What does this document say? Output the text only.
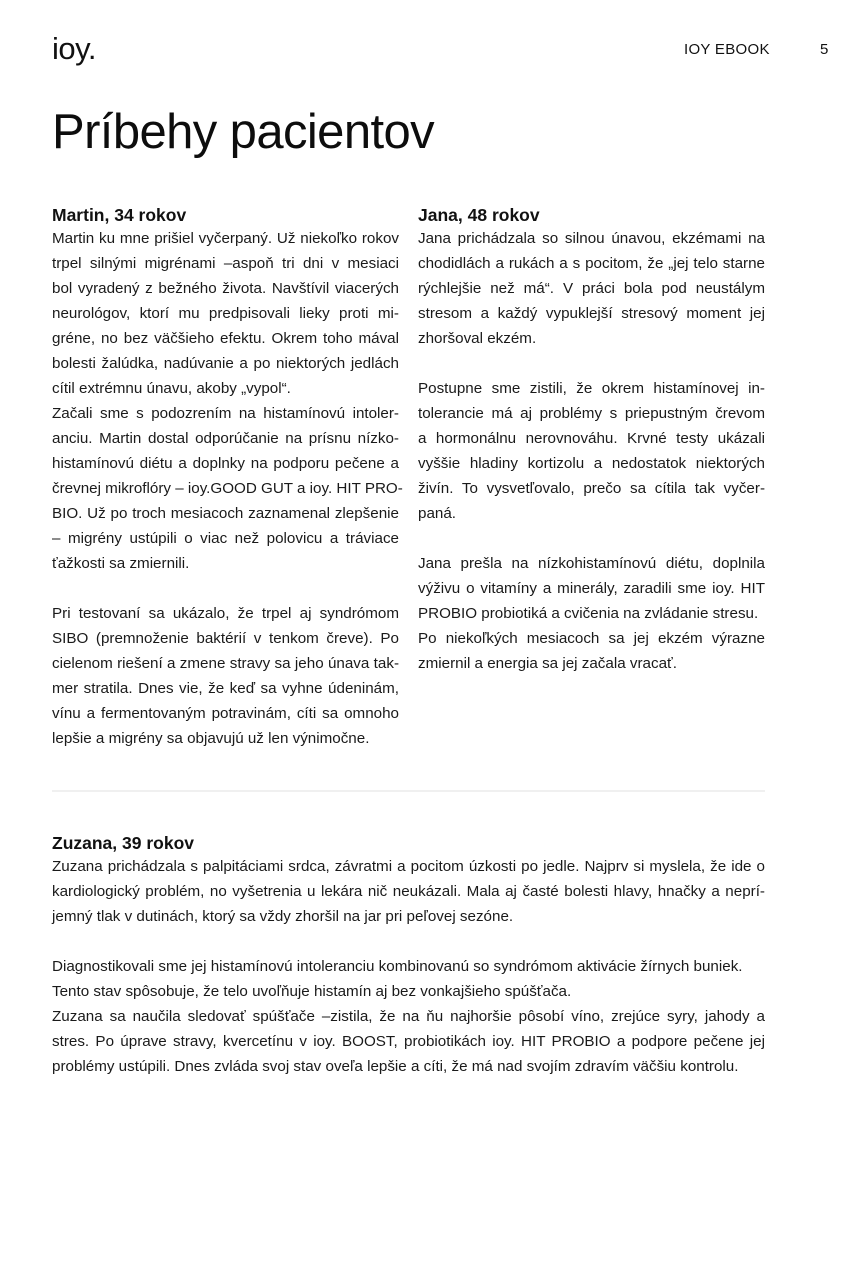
ioy.	IOY EBOOK	5
Príbehy pacientov
Martin, 34 rokov
Martin ku mne prišiel vyčerpaný. Už niekoľko rokov
trpel silnými migrénami –aspoň tri dni v mesiaci
bol vyradený z bežného života. Navštívil viacerých
neurológov, ktorí mu predpisovali lieky proti mi-
gréne, no bez väčšieho efektu. Okrem toho mával
bolesti žalúdka, nadúvanie a po niektorých jedlách
cítil extrémnu únavu, akoby „vypol“.
Začali sme s podozrením na histamínovú intoler-
anciu. Martin dostal odporúčanie na prísnu nízko-
histamínovú diétu a doplnky na podporu pečene a
črevnej mikroflóry – ioy.GOOD GUT a ioy. HIT PRO-
BIO. Už po troch mesiacoch zaznamenal zlepšenie
– migrény ustúpili o viac než polovicu a tráviace
ťažkosti sa zmiernili.
Pri testovaní sa ukázalo, že trpel aj syndrómom
SIBO (premnoženie baktérií v tenkom čreve). Po
cielenom riešení a zmene stravy sa jeho únava tak-
mer stratila. Dnes vie, že keď sa vyhne údeninám,
vínu a fermentovaným potravinám, cíti sa omnoho
lepšie a migrény sa objavujú už len výnimočne.
Jana, 48 rokov
Jana prichádzala so silnou únavou, ekzémami na
chodidlách a rukách a s pocitom, že „jej telo starne
rýchlejšie než má“. V práci bola pod neustálym
stresom a každý vypuklejší stresový moment jej
zhoršoval ekzém.
Postupne sme zistili, že okrem histamínovej in-
tolerancie má aj problémy s priepustným črevom
a hormonálnu nerovnováhu. Krvné testy ukázali
vyššie hladiny kortizolu a nedostatok niektorých
živín. To vysvetľovalo, prečo sa cítila tak vyčer-
paná.
Jana prešla na nízkohistamínovú diétu, doplnila
výživu o vitamíny a minerály, zaradili sme ioy. HIT
PROBIO probiotiká a cvičenia na zvládanie stresu.
Po niekoľkých mesiacoch sa jej ekzém výrazne
zmiernil a energia sa jej začala vracať.
Zuzana, 39 rokov
Zuzana prichádzala s palpitáciami srdca, závratmi a pocitom úzkosti po jedle. Najprv si myslela, že ide o
kardiologický problém, no vyšetrenia u lekára nič neukázali. Mala aj časté bolesti hlavy, hnačky a neprí-
jemný tlak v dutinách, ktorý sa vždy zhoršil na jar pri peľovej sezóne.
Diagnostikovali sme jej histamínovú intoleranciu kombinovanú so syndrómom aktivácie žírnych buniek.
Tento stav spôsobuje, že telo uvoľňuje histamín aj bez vonkajšieho spúšťača.
Zuzana sa naučila sledovať spúšťače –zistila, že na ňu najhoršie pôsobí víno, zrejúce syry, jahody a
stres. Po úprave stravy, kvercetínu v ioy. BOOST, probiotikách ioy. HIT PROBIO a podpore pečene jej
problémy ustúpili. Dnes zvláda svoj stav oveľa lepšie a cíti, že má nad svojím zdravím väčšiu kontrolu.
